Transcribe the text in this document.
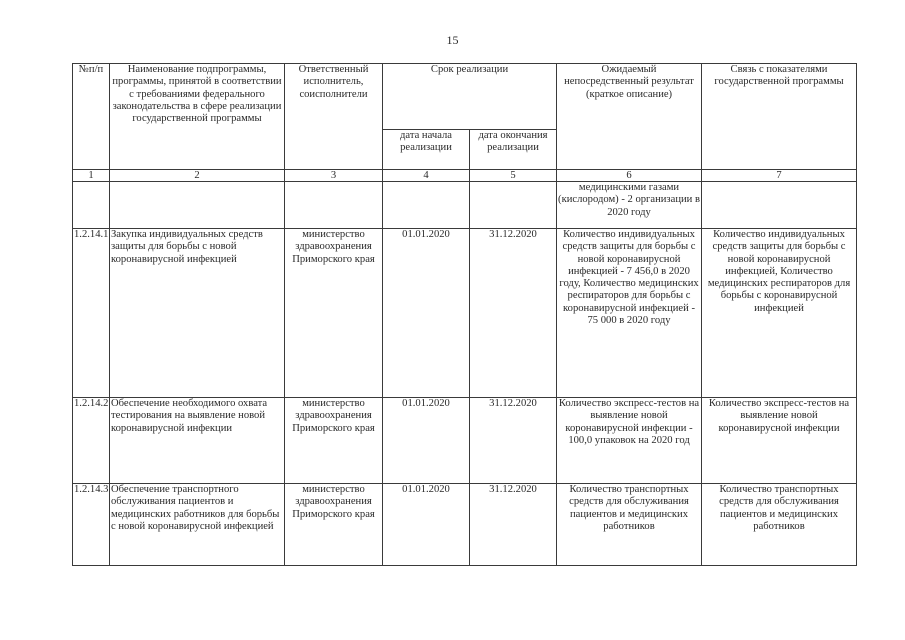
15
№п/п	Наименование подпрограммы, программы, принятой в соответствии с требованиями федерального законодательства в сфере реализации государственной программы	Ответственный исполнитель, соисполнители	Срок реализации		Ожидаемый непосредственный результат (краткое описание)	Связь с показателями государственной программы
			дата начала реализации	дата окончания реализации		
1	2	3	4	5	6	7
					медицинскими газами (кислородом) - 2 организации в 2020 году	
1.2.14.1	Закупка индивидуальных средств защиты для борьбы с новой коронавирусной инфекцией	министерство здравоохранения Приморского края	01.01.2020	31.12.2020	Количество индивидуальных средств защиты для борьбы с новой коронавирусной инфекцией - 7 456,0 в 2020 году, Количество медицинских респираторов для борьбы с коронавирусной инфекцией - 75 000 в 2020 году	Количество индивидуальных средств защиты для борьбы с новой коронавирусной инфекцией, Количество медицинских респираторов для борьбы с коронавирусной инфекцией
1.2.14.2	Обеспечение необходимого охвата тестирования на выявление новой коронавирусной инфекции	министерство здравоохранения Приморского края	01.01.2020	31.12.2020	Количество экспресс-тестов на выявление новой коронавирусной инфекции - 100,0 упаковок на 2020 год	Количество экспресс-тестов на выявление новой коронавирусной инфекции
1.2.14.3	Обеспечение транспортного обслуживания пациентов и медицинских работников для борьбы с новой коронавирусной инфекцией	министерство здравоохранения Приморского края	01.01.2020	31.12.2020	Количество транспортных средств для обслуживания пациентов и медицинских работников	Количество транспортных средств для обслуживания пациентов и медицинских работников
